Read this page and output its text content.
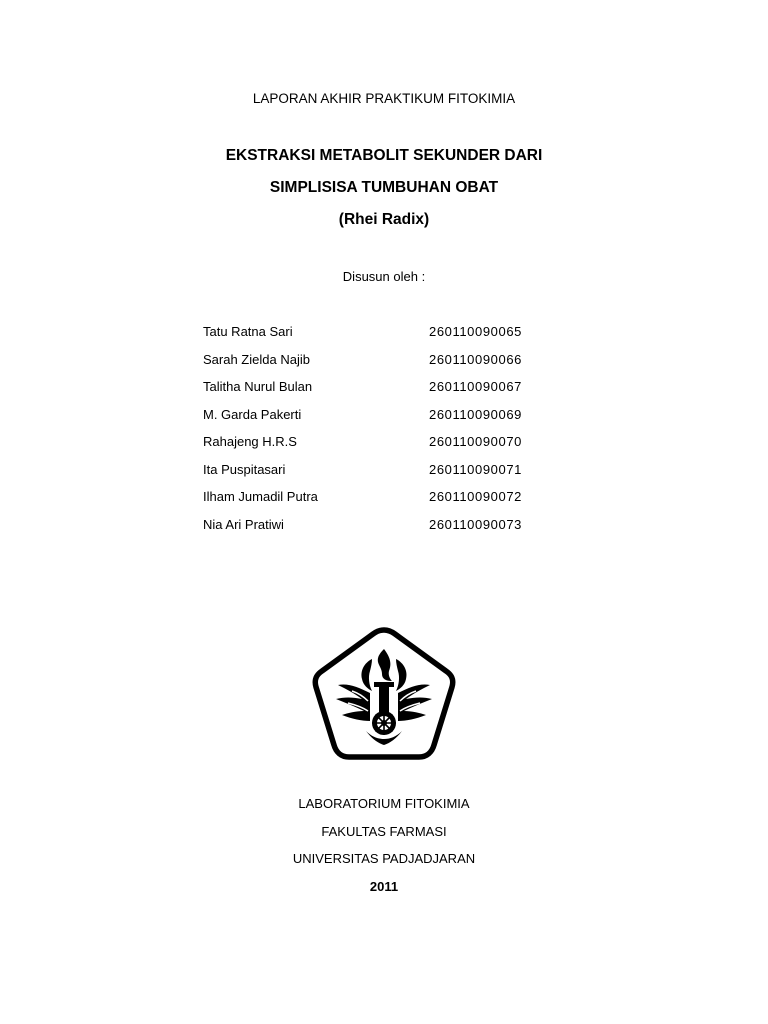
LAPORAN AKHIR PRAKTIKUM FITOKIMIA
EKSTRAKSI METABOLIT SEKUNDER DARI
SIMPLISISA TUMBUHAN OBAT
(Rhei Radix)
Disusun oleh :
Tatu Ratna Sari	260110090065
Sarah Zielda Najib	260110090066
Talitha Nurul Bulan	260110090067
M. Garda Pakerti	260110090069
Rahajeng H.R.S	260110090070
Ita Puspitasari	260110090071
Ilham Jumadil Putra	260110090072
Nia Ari Pratiwi	260110090073
LABORATORIUM FITOKIMIA
FAKULTAS FARMASI
UNIVERSITAS PADJADJARAN
2011
